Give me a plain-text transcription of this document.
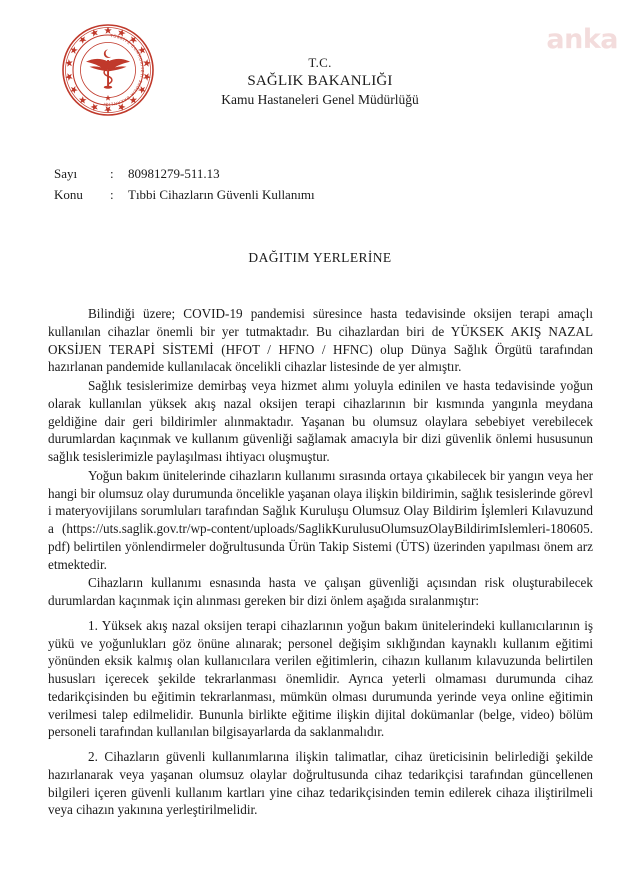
anka
TÜRKİYE CUMHURİYETİ SAĞLIK BAKANLIĞI
T.C.
SAĞLIK BAKANLIĞI
Kamu Hastaneleri Genel Müdürlüğü
Sayı	:	80981279-511.13
Konu	:	Tıbbi Cihazların Güvenli Kullanımı
DAĞITIM YERLERİNE

Bilindiği üzere; COVID-19 pandemisi süresince hasta tedavisinde oksijen terapi amaçlı kullanılan cihazlar önemli bir yer tutmaktadır. Bu cihazlardan biri de YÜKSEK AKIŞ NAZAL OKSİJEN TERAPİ SİSTEMİ (HFOT / HFNO / HFNC) olup Dünya Sağlık Örgütü tarafından hazırlanan pandemide kullanılacak öncelikli cihazlar listesinde de yer almıştır.

Sağlık tesislerimize demirbaş veya hizmet alımı yoluyla edinilen ve hasta tedavisinde yoğun olarak kullanılan yüksek akış nazal oksijen terapi cihazlarının bir kısmında yangınla meydana geldiğine dair geri bildirimler alınmaktadır. Yaşanan bu olumsuz olaylara sebebiyet verebilecek durumlardan kaçınmak ve kullanım güvenliği sağlamak amacıyla bir dizi güvenlik önlemi hususunun sağlık tesislerimizle paylaşılması ihtiyacı oluşmuştur.

Yoğun bakım ünitelerinde cihazların kullanımı sırasında ortaya çıkabilecek bir yangın veya herhangi bir olumsuz olay durumunda öncelikle yaşanan olaya ilişkin bildirimin, sağlık tesislerinde görevli materyovijilans sorumluları tarafından Sağlık Kuruluşu Olumsuz Olay Bildirim İşlemleri Kılavuzunda (https://uts.saglik.gov.tr/wp-content/uploads/SaglikKurulusuOlumsuzOlayBildirimIslemleri-180605.pdf) belirtilen yönlendirmeler doğrultusunda Ürün Takip Sistemi (ÜTS) üzerinden yapılması önem arz etmektedir.

Cihazların kullanımı esnasında hasta ve çalışan güvenliği açısından risk oluşturabilecek durumlardan kaçınmak için alınması gereken bir dizi önlem aşağıda sıralanmıştır:

1. Yüksek akış nazal oksijen terapi cihazlarının yoğun bakım ünitelerindeki kullanıcılarının iş yükü ve yoğunlukları göz önüne alınarak; personel değişim sıklığından kaynaklı kullanım eğitimi yönünden eksik kalmış olan kullanıcılara verilen eğitimlerin, cihazın kullanım kılavuzunda belirtilen hususları içerecek şekilde tekrarlanması önemlidir. Ayrıca yeterli olmaması durumunda cihaz tedarikçisinden bu eğitimin tekrarlanması, mümkün olması durumunda yerinde veya online eğitimin verilmesi talep edilmelidir. Bununla birlikte eğitime ilişkin dijital dokümanlar (belge, video) bölüm personeli tarafından kullanılan bilgisayarlarda da saklanmalıdır.

2. Cihazların güvenli kullanımlarına ilişkin talimatlar, cihaz üreticisinin belirlediği şekilde hazırlanarak veya yaşanan olumsuz olaylar doğrultusunda cihaz tedarikçisi tarafından güncellenen bilgileri içeren güvenli kullanım kartları yine cihaz tedarikçisinden temin edilerek cihaza iliştirilmeli veya cihazın yakınına yerleştirilmelidir.
